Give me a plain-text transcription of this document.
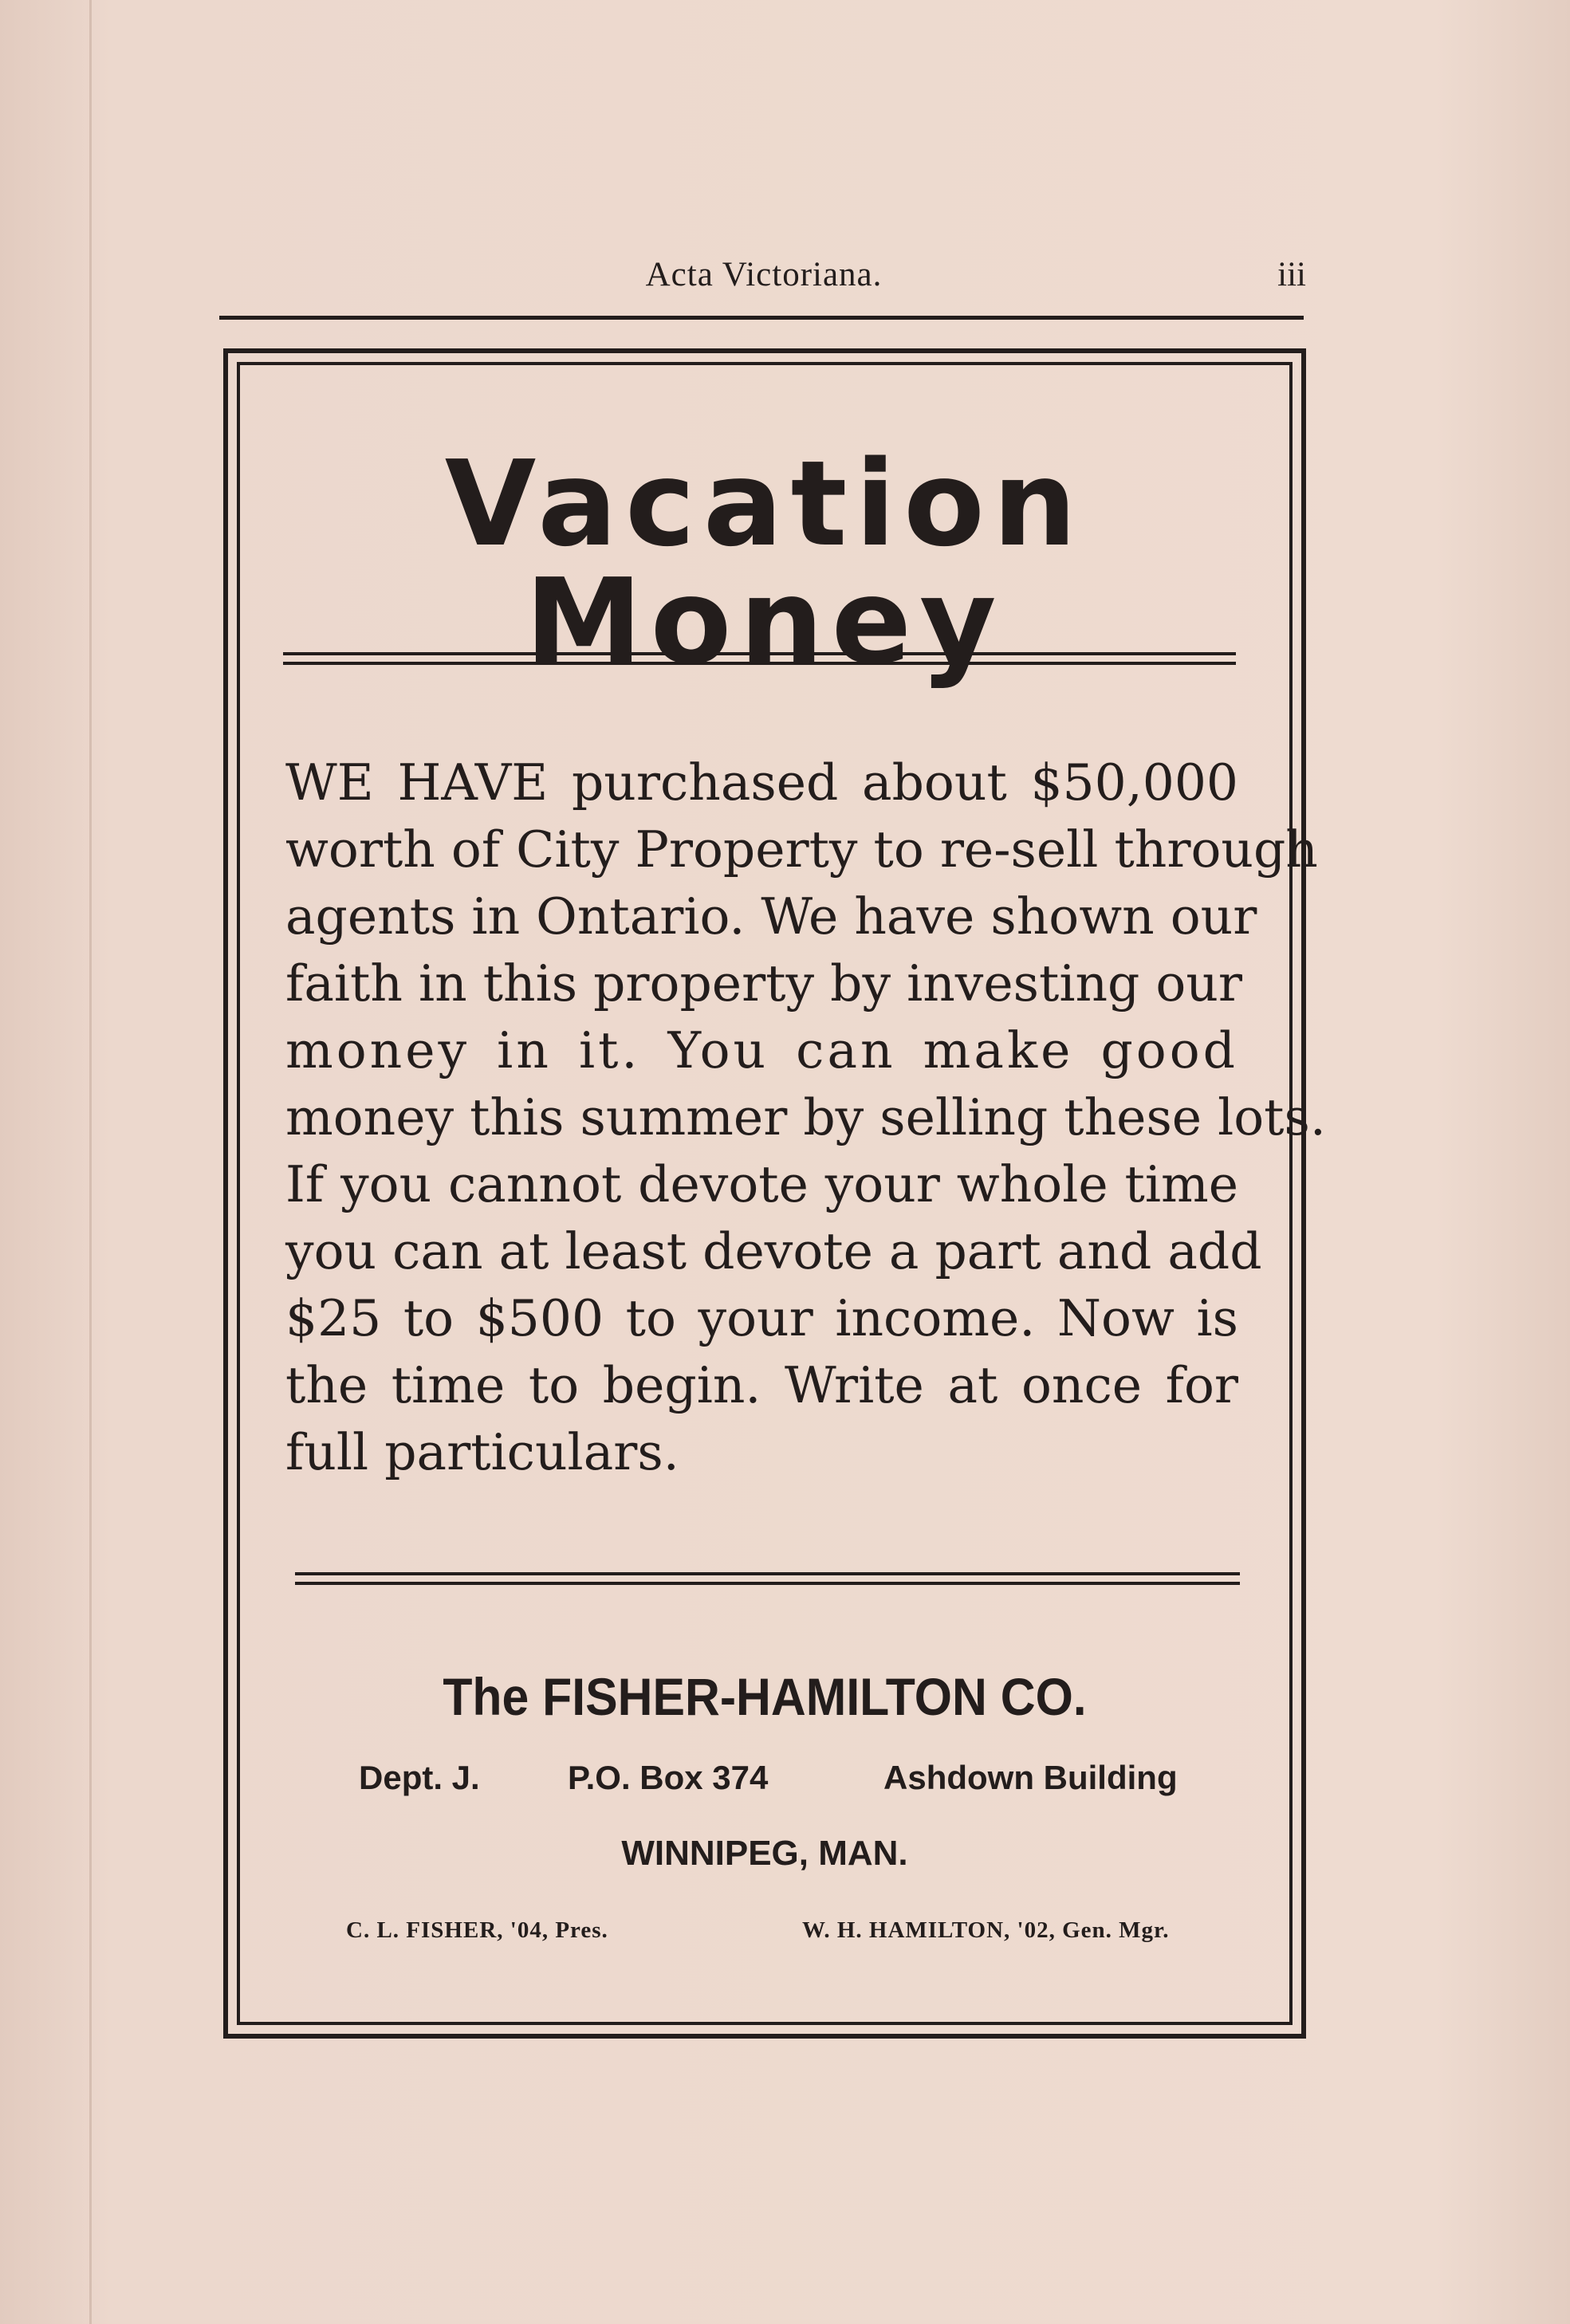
Acta Victoriana.	iii
Vacation Money
WE HAVE purchased about $50,000
worth of City Property to re-sell through
agents in Ontario. We have shown our
faith in this property by investing our
money in it. You can make good
money this summer by selling these lots.
If you cannot devote your whole time
you can at least devote a part and add
$25 to $500 to your income. Now is
the time to begin. Write at once for
full particulars.
The FISHER-HAMILTON CO.
Dept. J.	P.O. Box 374	Ashdown Building
WINNIPEG, MAN.
C. L. FISHER, '04, Pres.	W. H. HAMILTON, '02, Gen. Mgr.
